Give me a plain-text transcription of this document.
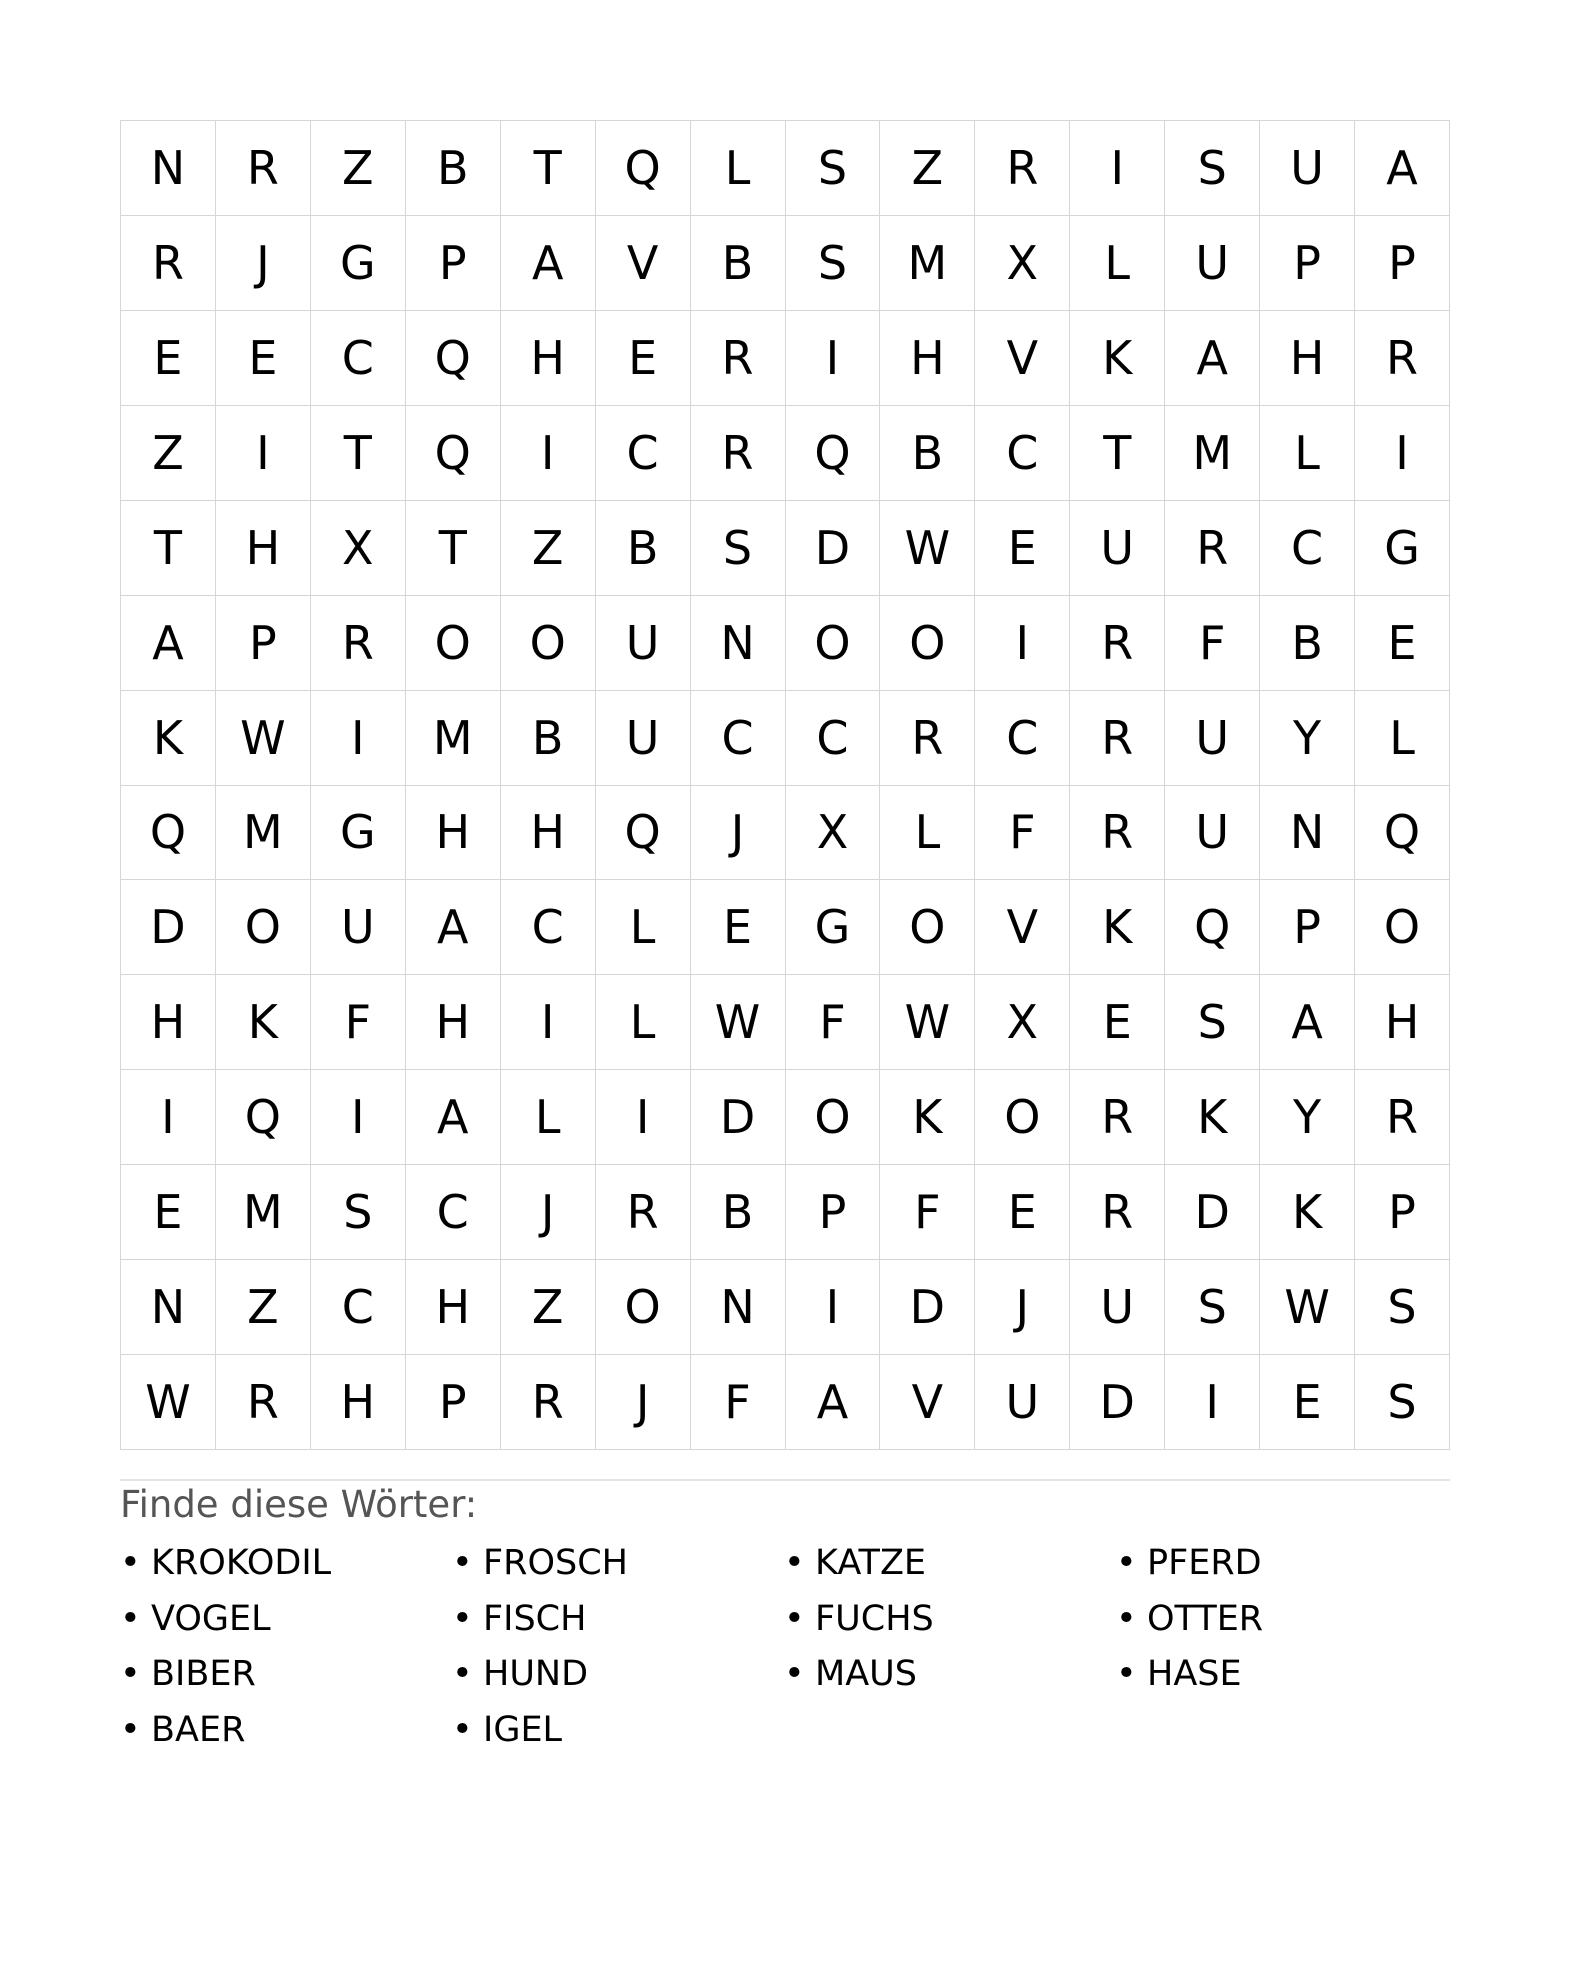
N	R	Z	B	T	Q	L	S	Z	R	I	S	U	A
R	J	G	P	A	V	B	S	M	X	L	U	P	P
E	E	C	Q	H	E	R	I	H	V	K	A	H	R
Z	I	T	Q	I	C	R	Q	B	C	T	M	L	I
T	H	X	T	Z	B	S	D	W	E	U	R	C	G
A	P	R	O	O	U	N	O	O	I	R	F	B	E
K	W	I	M	B	U	C	C	R	C	R	U	Y	L
Q	M	G	H	H	Q	J	X	L	F	R	U	N	Q
D	O	U	A	C	L	E	G	O	V	K	Q	P	O
H	K	F	H	I	L	W	F	W	X	E	S	A	H
I	Q	I	A	L	I	D	O	K	O	R	K	Y	R
E	M	S	C	J	R	B	P	F	E	R	D	K	P
N	Z	C	H	Z	O	N	I	D	J	U	S	W	S
W	R	H	P	R	J	F	A	V	U	D	I	E	S
Finde diese Wörter:
• KROKODIL	• FROSCH	• KATZE	• PFERD
• VOGEL	• FISCH	• FUCHS	• OTTER
• BIBER	• HUND	• MAUS	• HASE
• BAER	• IGEL
